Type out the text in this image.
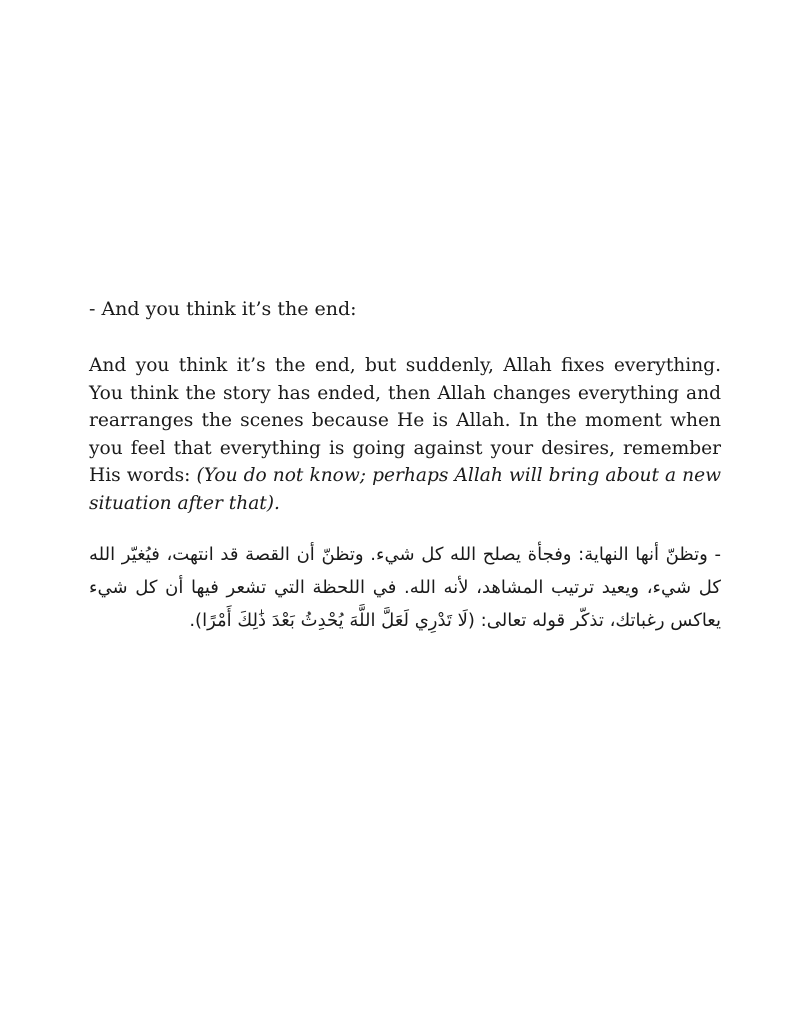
- And you think it’s the end:

And you think it’s the end, but suddenly, Allah fixes everything. You think the story has ended, then Allah changes everything and rearranges the scenes because He is Allah. In the moment when you feel that everything is going against your desires, remember His words: (You do not know; perhaps Allah will bring about a new situation after that).

- وتظنّ أنها النهاية: وفجأة يصلح الله كل شيء. وتظنّ أن القصة قد انتهت، فيُغيّر الله كل شيء، ويعيد ترتيب المشاهد، لأنه الله. في اللحظة التي تشعر فيها أن كل شيء يعاكس رغباتك، تذكّر قوله تعالى: (لَا تَدْرِي لَعَلَّ اللَّهَ يُحْدِثُ بَعْدَ ذَٰلِكَ أَمْرًا).
